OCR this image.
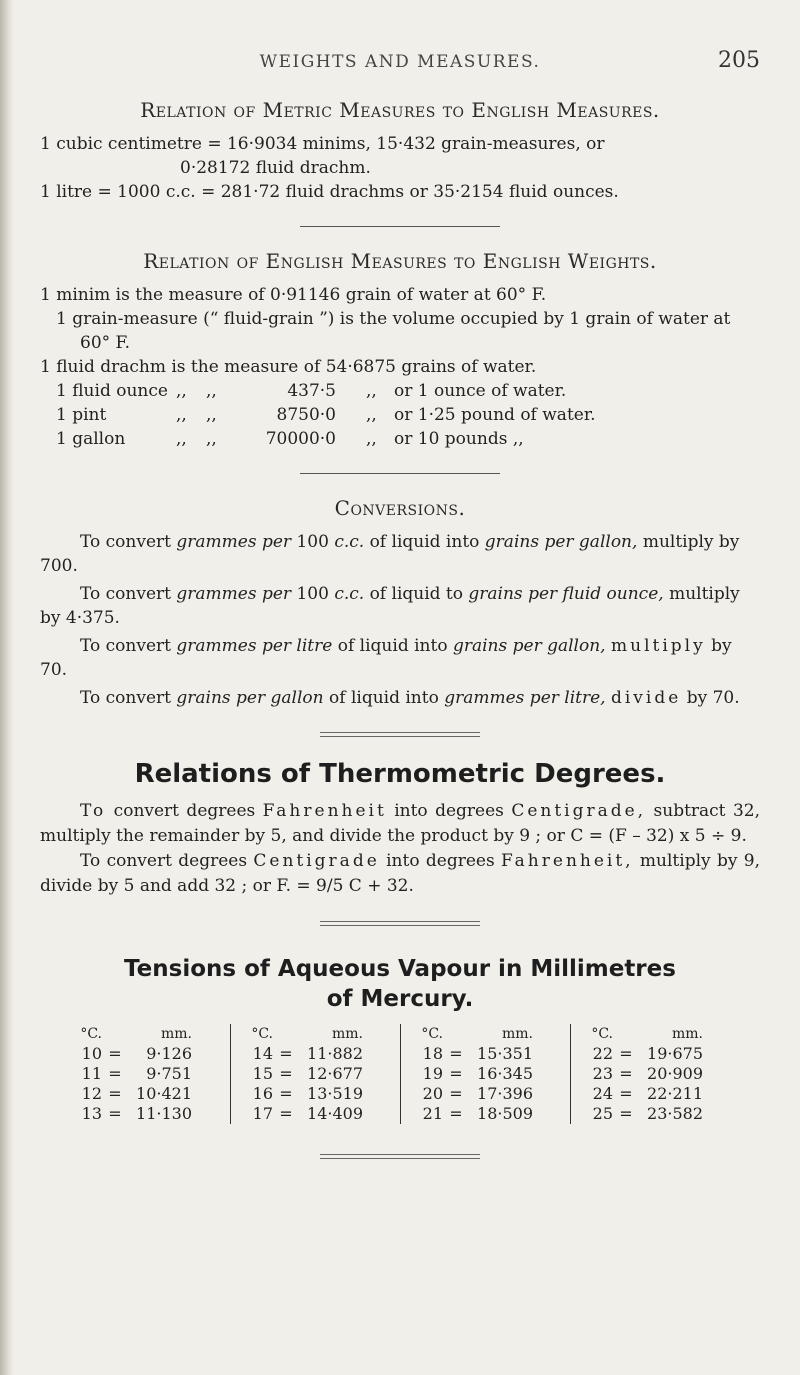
WEIGHTS AND MEASURES.	205
Relation of Metric Measures to English Measures.

1 cubic centimetre = 16·9034 minims, 15·432 grain-measures, or

0·28172 fluid drachm.

1 litre = 1000 c.c. = 281·72 fluid drachms or 35·2154 fluid ounces.

Relation of English Measures to English Weights.

1 minim is the measure of 0·91146 grain of water at 60° F.

1 grain-measure (“ fluid-grain ”) is the volume occupied by 1 grain of water at 60° F.

1 fluid drachm is the measure of 54·6875 grains of water.

1 fluid ounce	,,	,,	437·5	,,	or 1 ounce of water.
1 pint	,,	,,	8750·0	,,	or 1·25 pound of water.
1 gallon	,,	,,	70000·0	,,	or 10 pounds ,,
Conversions.

To convert grammes per 100 c.c. of liquid into grains per gallon, multiply by 700.

To convert grammes per 100 c.c. of liquid to grains per fluid ounce, multiply by 4·375.

To convert grammes per litre of liquid into grains per gallon, multiply by 70.

To convert grains per gallon of liquid into grammes per litre, divide by 70.

Relations of Thermometric Degrees.

To convert degrees Fahrenheit into degrees Centigrade, subtract 32, multiply the remainder by 5, and divide the product by 9 ; or C = (F – 32) x 5 ÷ 9.

To convert degrees Centigrade into degrees Fahrenheit, multiply by 9, divide by 5 and add 32 ; or F. = 9/5 C + 32.

Tensions of Aqueous Vapour in Millimetres
of Mercury.
°C.	mm.
10 =	9·126
11 =	9·751
12 = 10·421
13 = 11·130
°C.	mm.
14 = 11·882
15 = 12·677
16 = 13·519
17 = 14·409
°C.	mm.
18 = 15·351
19 = 16·345
20 = 17·396
21 = 18·509
°C.	mm.
22 = 19·675
23 = 20·909
24 = 22·211
25 = 23·582
